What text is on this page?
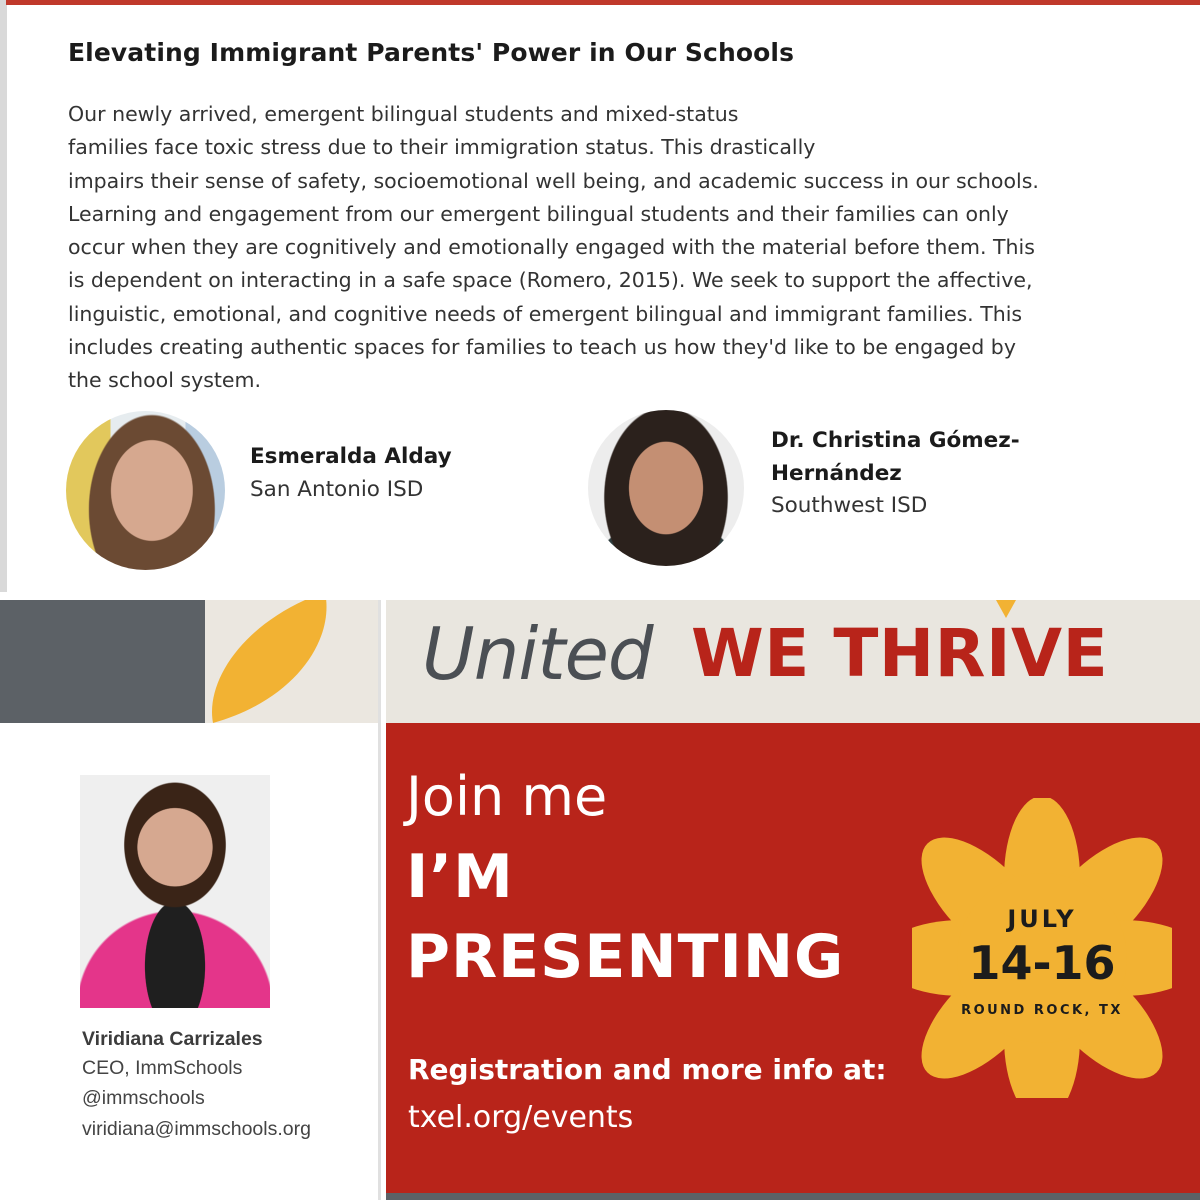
Elevating Immigrant Parents' Power in Our Schools
Our newly arrived, emergent bilingual students and mixed-status
families face toxic stress due to their immigration status. This drastically
impairs their sense of safety, socioemotional well being, and academic success in our schools.
Learning and engagement from our emergent bilingual students and their families can only
occur when they are cognitively and emotionally engaged with the material before them. This
is dependent on interacting in a safe space (Romero, 2015). We seek to support the affective,
linguistic, emotional, and cognitive needs of emergent bilingual and immigrant families. This
includes creating authentic spaces for families to teach us how they'd like to be engaged by
the school system.
Esmeralda Alday
San Antonio ISD
Dr. Christina Gómez-
Hernández
Southwest ISD
Viridiana Carrizales
CEO, ImmSchools
@immschools
viridiana@immschools.org
United WE THRIVE
Join me
I’M
PRESENTING
Registration and more info at:
txel.org/events
JULY
14-16
ROUND ROCK, TX
